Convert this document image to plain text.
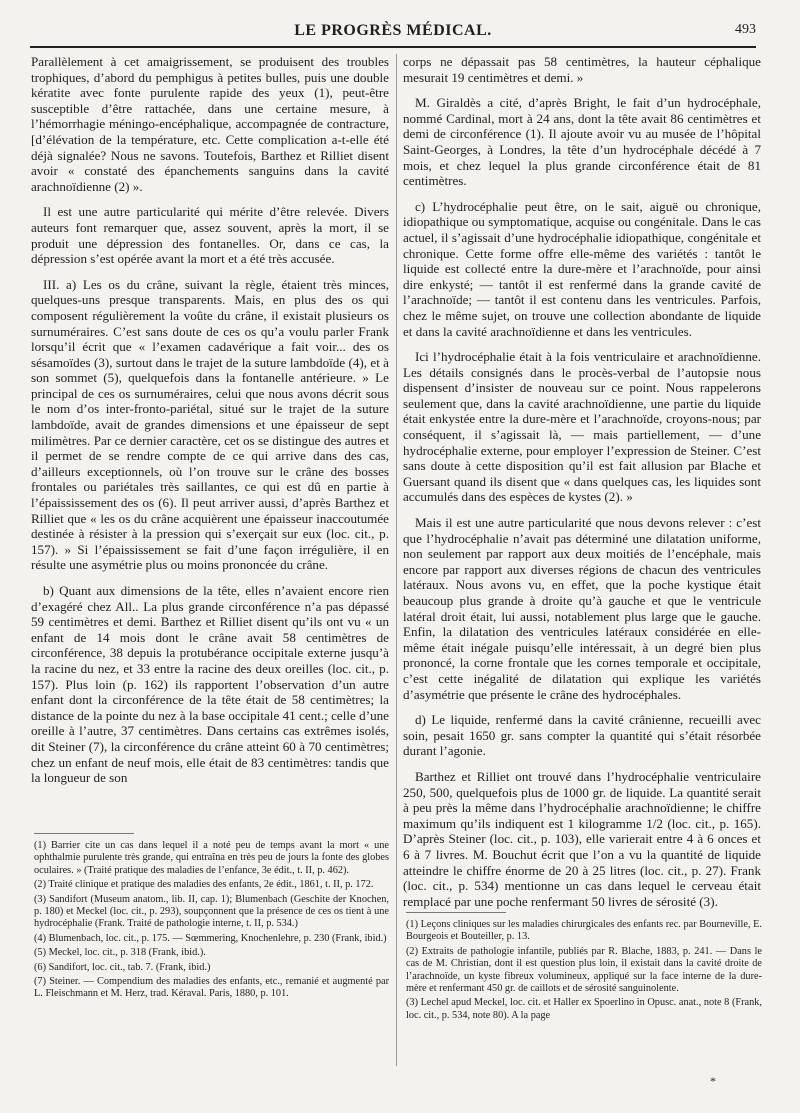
LE PROGRÈS MÉDICAL.	493

Parallèlement à cet amaigrissement, se produisent des troubles trophiques, d’abord du pemphigus à petites bulles, puis une double kératite avec fonte purulente rapide des yeux (1), peut-être susceptible d’être rattachée, dans une certaine mesure, à l’hémorrhagie méningo-encéphalique, accompagnée de contracture, [d’élévation de la température, etc. Cette complication a-t-elle été déjà signalée? Nous ne savons. Toutefois, Barthez et Rilliet disent avoir « constaté des épanchements sanguins dans la cavité arachnoïdienne (2) ».

Il est une autre particularité qui mérite d’être relevée. Divers auteurs font remarquer que, assez souvent, après la mort, il se produit une dépression des fontanelles. Or, dans ce cas, la dépression s’est opérée avant la mort et a été très accusée.

III. a) Les os du crâne, suivant la règle, étaient très minces, quelques-uns presque transparents. Mais, en plus des os qui composent régulièrement la voûte du crâne, il existait plusieurs os surnuméraires. C’est sans doute de ces os qu’a voulu parler Frank lorsqu’il écrit que « l’examen cadavérique a fait voir... des os sésamoïdes (3), surtout dans le trajet de la suture lambdoïde (4), et à son sommet (5), quelquefois dans la fontanelle antérieure. » Le principal de ces os surnuméraires, celui que nous avons décrit sous le nom d’os inter-fronto-pariétal, situé sur le trajet de la suture lambdoïde, avait de grandes dimensions et une épaisseur de sept milimètres. Par ce dernier caractère, cet os se distingue des autres et il permet de se rendre compte de ce qui arrive dans des cas, d’ailleurs exceptionnels, où l’on trouve sur le crâne des bosses frontales ou pariétales très saillantes, ce qui est dû en partie à l’épaississement des os (6). Il peut arriver aussi, d’après Barthez et Rilliet que « les os du crâne acquièrent une épaisseur inaccoutumée destinée à résister à la pression qui s’exerçait sur eux (loc. cit., p. 157). » Si l’épaississement se fait d’une façon irrégulière, il en résulte une asymétrie plus ou moins prononcée du crâne.

b) Quant aux dimensions de la tête, elles n’avaient encore rien d’exagéré chez All.. La plus grande circonférence n’a pas dépassé 59 centimètres et demi. Barthez et Rilliet disent qu’ils ont vu « un enfant de 14 mois dont le crâne avait 58 centimètres de circonférence, 38 depuis la protubérance occipitale externe jusqu’à la racine du nez, et 33 entre la racine des deux oreilles (loc. cit., p. 157). Plus loin (p. 162) ils rapportent l’observation d’un autre enfant dont la circonférence de la tête était de 58 centimètres; la distance de la pointe du nez à la base occipitale 41 cent.; celle d’une oreille à l’autre, 37 centimètres. Dans certains cas extrêmes isolés, dit Steiner (7), la circonférence du crâne atteint 60 à 70 centimètres; chez un enfant de neuf mois, elle était de 83 centimètres: tandis que la longueur de son

(1) Barrier cite un cas dans lequel il a noté peu de temps avant la mort « une ophthalmie purulente très grande, qui entraîna en très peu de jours la fonte des globes oculaires. » (Traité pratique des maladies de l’enfance, 3e édit., t. II, p. 462).
(2) Traité clinique et pratique des maladies des enfants, 2e édit., 1861, t. II, p. 172.
(3) Sandifort (Museum anatom., lib. II, cap. 1); Blumenbach (Geschite der Knochen, p. 180) et Meckel (loc. cit., p. 293), soupçonnent que la présence de ces os tient à une hydrocéphalie (Frank. Traité de pathologie interne, t. II, p. 534.)
(4) Blumenbach, loc. cit., p. 175. — Sœmmering, Knochenlehre, p. 230 (Frank, ibid.)
(5) Meckel, loc. cit., p. 318 (Frank, ibid.).
(6) Sandifort, loc. cit., tab. 7. (Frank, ibid.)
(7) Steiner. — Compendium des maladies des enfants, etc., remanié et augmenté par L. Fleischmann et M. Herz, trad. Kéraval. Paris, 1880, p. 101.

corps ne dépassait pas 58 centimètres, la hauteur céphalique mesurait 19 centimètres et demi. »

M. Giraldès a cité, d’après Bright, le fait d’un hydrocéphale, nommé Cardinal, mort à 24 ans, dont la tête avait 86 centimètres et demi de circonférence (1). Il ajoute avoir vu au musée de l’hôpital Saint-Georges, à Londres, la tête d’un hydrocéphale décédé à 7 mois, et chez lequel la plus grande circonférence était de 81 centimètres.

c) L’hydrocéphalie peut être, on le sait, aiguë ou chronique, idiopathique ou symptomatique, acquise ou congénitale. Dans le cas actuel, il s’agissait d’une hydrocéphalie idiopathique, congénitale et chronique. Cette forme offre elle-même des variétés : tantôt le liquide est collecté entre la dure-mère et l’arachnoïde, pour ainsi dire enkysté; — tantôt il est renfermé dans la grande cavité de l’arachnoïde; — tantôt il est contenu dans les ventricules. Parfois, chez le même sujet, on trouve une collection abondante de liquide et dans la cavité arachnoïdienne et dans les ventricules.

Ici l’hydrocéphalie était à la fois ventriculaire et arachnoïdienne. Les détails consignés dans le procès-verbal de l’autopsie nous dispensent d’insister de nouveau sur ce point. Nous rappelerons seulement que, dans la cavité arachnoïdienne, une partie du liquide était enkystée entre la dure-mère et l’arachnoïde, croyons-nous; par conséquent, il s’agissait là, — mais partiellement, — d’une hydrocéphalie externe, pour employer l’expression de Steiner. C’est sans doute à cette disposition qu’il est fait allusion par Blache et Guersant quand ils disent que « dans quelques cas, les liquides sont accumulés dans des espèces de kystes (2). »

Mais il est une autre particularité que nous devons relever : c’est que l’hydrocéphalie n’avait pas déterminé une dilatation uniforme, non seulement par rapport aux deux moitiés de l’encéphale, mais encore par rapport aux diverses régions de chacun des ventricules latéraux. Nous avons vu, en effet, que la poche kystique était beaucoup plus grande à droite qu’à gauche et que le ventricule latéral droit était, lui aussi, notablement plus large que le gauche. Enfin, la dilatation des ventricules latéraux considérée en elle-même était inégale puisqu’elle intéressait, à un degré bien plus prononcé, la corne frontale que les cornes temporale et occipitale, c’est cette inégalité de dilatation qui explique les variétés d’asymétrie que présente le crâne des hydrocéphales.

d) Le liquide, renfermé dans la cavité crânienne, recueilli avec soin, pesait 1650 gr. sans compter la quantité qui s’était résorbée durant l’agonie.

Barthez et Rilliet ont trouvé dans l’hydrocéphalie ventriculaire 250, 500, quelquefois plus de 1000 gr. de liquide. La quantité serait à peu près la même dans l’hydrocéphalie arachnoïdienne; le chiffre maximum qu’ils indiquent est 1 kilogramme 1/2 (loc. cit., p. 165). D’après Steiner (loc. cit., p. 103), elle varierait entre 4 à 6 onces et 6 à 7 livres. M. Bouchut écrit que l’on a vu la quantité de liquide atteindre le chiffre énorme de 20 à 25 litres (loc. cit., p. 27). Frank (loc. cit., p. 534) mentionne un cas dans lequel le cerveau était remplacé par une poche renfermant 50 livres de sérosité (3).

(1) Leçons cliniques sur les maladies chirurgicales des enfants rec. par Bourneville, E. Bourgeois et Bouteiller, p. 13.
(2) Extraits de pathologie infantile, publiés par R. Blache, 1883, p. 241. — Dans le cas de M. Christian, dont il est question plus loin, il existait dans la cavité droite de l’arachnoïde, un kyste fibreux volumineux, appliqué sur la face interne de la dure-mère et renfermant 450 gr. de caillots et de sérosité sanguinolente.
(3) Lechel apud Meckel, loc. cit. et Haller ex Spoerlino in Opusc. anat., note 8 (Frank, loc. cit., p. 534, note 80). A la page
*
